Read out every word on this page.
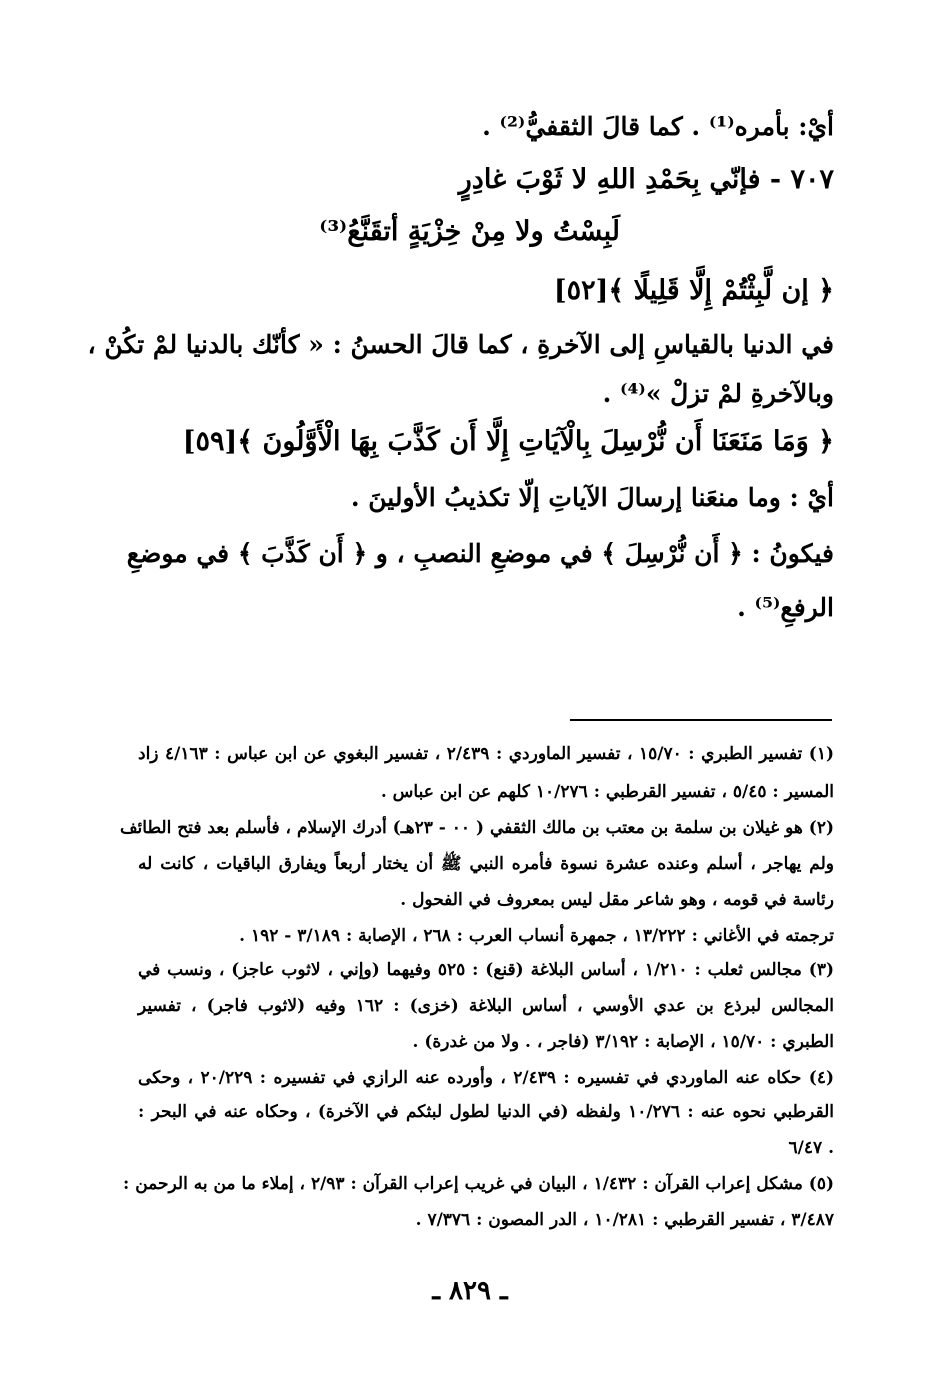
أيْ: بأمره⁽¹⁾ . كما قالَ الثقفيُّ⁽²⁾ .
٧٠٧ - فإنّي بِحَمْدِ اللهِ لا ثَوْبَ غادِرٍ
لَبِسْتُ ولا مِنْ خِزْيَةٍ أتقَنَّعُ⁽³⁾
﴿ إن لَّبِثْتُمْ إِلَّا قَلِيلًا ﴾[٥٢]
في الدنيا بالقياسِ إلى الآخرةِ ، كما قالَ الحسنُ : « كأنّك بالدنيا لمْ تكُنْ ،
وبالآخرةِ لمْ تزلْ »⁽⁴⁾ .
﴿ وَمَا مَنَعَنَا أَن نُّرْسِلَ بِالْآيَاتِ إِلَّا أَن كَذَّبَ بِهَا الْأَوَّلُونَ ﴾[٥٩]
أيْ : وما منعَنا إرسالَ الآياتِ إلّا تكذيبُ الأولينَ .
فيكونُ : ﴿ أَن نُّرْسِلَ ﴾ في موضعِ النصبِ ، و ﴿ أَن كَذَّبَ ﴾ في موضعِ
الرفعِ⁽⁵⁾ .
(١) تفسير الطبري : ١٥/٧٠ ، تفسير الماوردي : ٢/٤٣٩ ، تفسير البغوي عن ابن عباس : ٤/١٦٣ زاد
المسير : ٥/٤٥ ، تفسير القرطبي : ١٠/٢٧٦ كلهم عن ابن عباس .
(٢) هو غيلان بن سلمة بن معتب بن مالك الثقفي ( ٠٠ - ٢٣هـ) أدرك الإسلام ، فأسلم بعد فتح الطائف
ولم يهاجر ، أسلم وعنده عشرة نسوة فأمره النبي ﷺ أن يختار أربعاً ويفارق الباقيات ، كانت له
رئاسة في قومه ، وهو شاعر مقل ليس بمعروف في الفحول .
ترجمته في الأغاني : ١٣/٢٢٢ ، جمهرة أنساب العرب : ٢٦٨ ، الإصابة : ٣/١٨٩ - ١٩٢ .
(٣) مجالس ثعلب : ١/٢١٠ ، أساس البلاغة (قنع) : ٥٢٥ وفيهما (وإني ، لاثوب عاجز) ، ونسب في
المجالس لبرذع بن عدي الأوسي ، أساس البلاغة (خزى) : ١٦٢ وفيه (لاثوب فاجر) ، تفسير
الطبري : ١٥/٧٠ ، الإصابة : ٣/١٩٢ (فاجر ، . ولا من غدرة) .
(٤) حكاه عنه الماوردي في تفسيره : ٢/٤٣٩ ، وأورده عنه الرازي في تفسيره : ٢٠/٢٢٩ ، وحكى
القرطبي نحوه عنه : ١٠/٢٧٦ ولفظه (في الدنيا لطول لبثكم في الآخرة) ، وحكاه عنه في البحر :
٦/٤٧ .
(٥) مشكل إعراب القرآن : ١/٤٣٢ ، البيان في غريب إعراب القرآن : ٢/٩٣ ، إملاء ما من به الرحمن :
٣/٤٨٧ ، تفسير القرطبي : ١٠/٢٨١ ، الدر المصون : ٧/٣٧٦ .
ـ ٨٢٩ ـ
